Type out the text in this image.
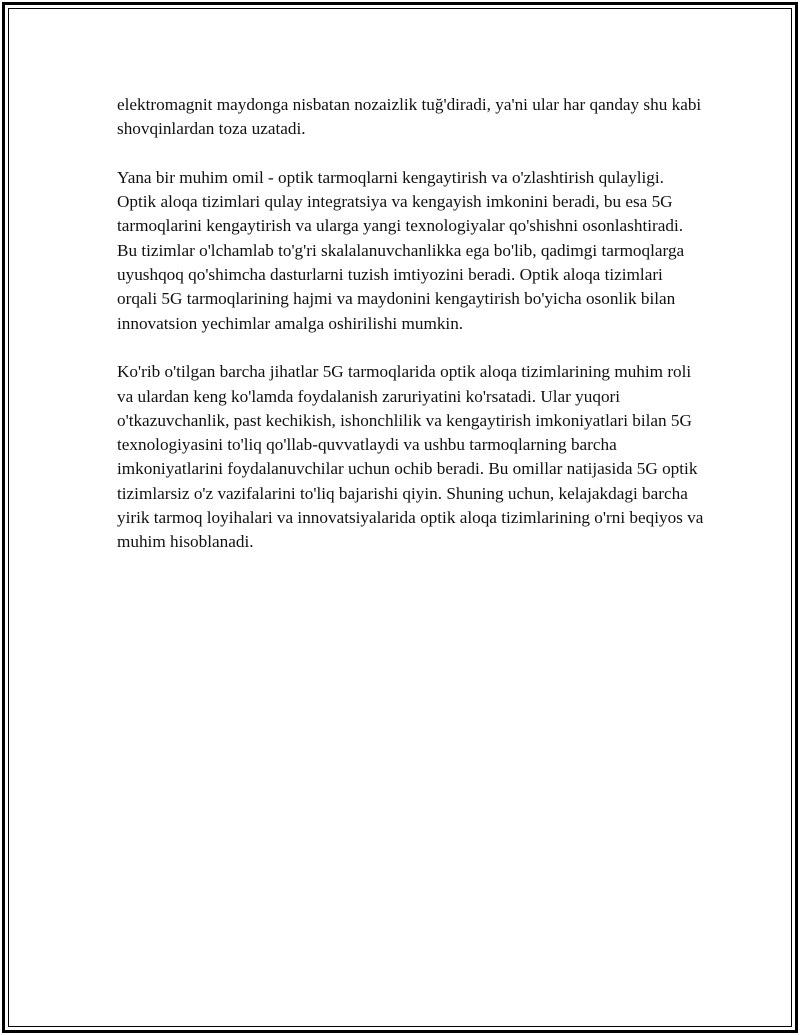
elektromagnit maydonga nisbatan nozaizlik tuğ'diradi, ya'ni ular har qanday shu kabi shovqinlardan toza uzatadi.

Yana bir muhim omil - optik tarmoqlarni kengaytirish va o'zlashtirish qulayligi. Optik aloqa tizimlari qulay integratsiya va kengayish imkonini beradi, bu esa 5G tarmoqlarini kengaytirish va ularga yangi texnologiyalar qo'shishni osonlashtiradi. Bu tizimlar o'lchamlab to'g'ri skalalanuvchanlikka ega bo'lib, qadimgi tarmoqlarga uyushqoq qo'shimcha dasturlarni tuzish imtiyozini beradi. Optik aloqa tizimlari orqali 5G tarmoqlarining hajmi va maydonini kengaytirish bo'yicha osonlik bilan innovatsion yechimlar amalga oshirilishi mumkin.

Ko'rib o'tilgan barcha jihatlar 5G tarmoqlarida optik aloqa tizimlarining muhim roli va ulardan keng ko'lamda foydalanish zaruriyatini ko'rsatadi. Ular yuqori o'tkazuvchanlik, past kechikish, ishonchlilik va kengaytirish imkoniyatlari bilan 5G texnologiyasini to'liq qo'llab-quvvatlaydi va ushbu tarmoqlarning barcha imkoniyatlarini foydalanuvchilar uchun ochib beradi. Bu omillar natijasida 5G optik tizimlarsiz o'z vazifalarini to'liq bajarishi qiyin. Shuning uchun, kelajakdagi barcha yirik tarmoq loyihalari va innovatsiyalarida optik aloqa tizimlarining o'rni beqiyos va muhim hisoblanadi.
